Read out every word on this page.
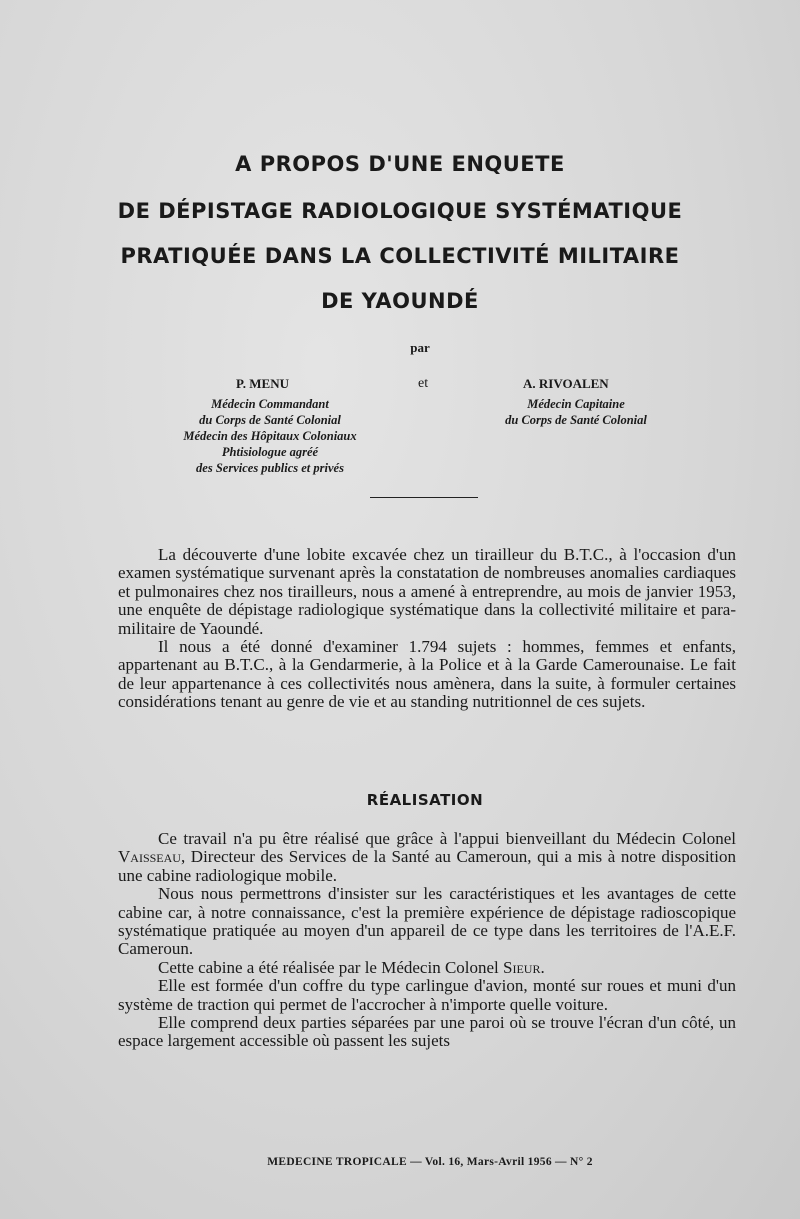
A PROPOS D'UNE ENQUETE
DE DÉPISTAGE RADIOLOGIQUE SYSTÉMATIQUE
PRATIQUÉE DANS LA COLLECTIVITÉ MILITAIRE
DE YAOUNDÉ
par
P. MENU	et	A. RIVOALEN
Médecin Commandant
du Corps de Santé Colonial
Médecin des Hôpitaux Coloniaux
Phtisiologue agréé
des Services publics et privés
Médecin Capitaine
du Corps de Santé Colonial

La découverte d'une lobite excavée chez un tirailleur du B.T.C., à l'occasion d'un examen systématique survenant après la constatation de nombreuses anomalies cardiaques et pulmonaires chez nos tirailleurs, nous a amené à entreprendre, au mois de janvier 1953, une enquête de dépistage radiologique systématique dans la collectivité militaire et para-militaire de Yaoundé.

Il nous a été donné d'examiner 1.794 sujets : hommes, femmes et enfants, appartenant au B.T.C., à la Gendarmerie, à la Police et à la Garde Camerounaise. Le fait de leur appartenance à ces collectivités nous amènera, dans la suite, à formuler certaines considérations tenant au genre de vie et au standing nutritionnel de ces sujets.

RÉALISATION

Ce travail n'a pu être réalisé que grâce à l'appui bienveillant du Médecin Colonel Vaisseau, Directeur des Services de la Santé au Cameroun, qui a mis à notre disposition une cabine radiologique mobile.

Nous nous permettrons d'insister sur les caractéristiques et les avantages de cette cabine car, à notre connaissance, c'est la première expérience de dépistage radioscopique systématique pratiquée au moyen d'un appareil de ce type dans les territoires de l'A.E.F. Cameroun.

Cette cabine a été réalisée par le Médecin Colonel Sieur.

Elle est formée d'un coffre du type carlingue d'avion, monté sur roues et muni d'un système de traction qui permet de l'accrocher à n'importe quelle voiture.

Elle comprend deux parties séparées par une paroi où se trouve l'écran d'un côté, un espace largement accessible où passent les sujets

MEDECINE TROPICALE — Vol. 16, Mars-Avril 1956 — N° 2
